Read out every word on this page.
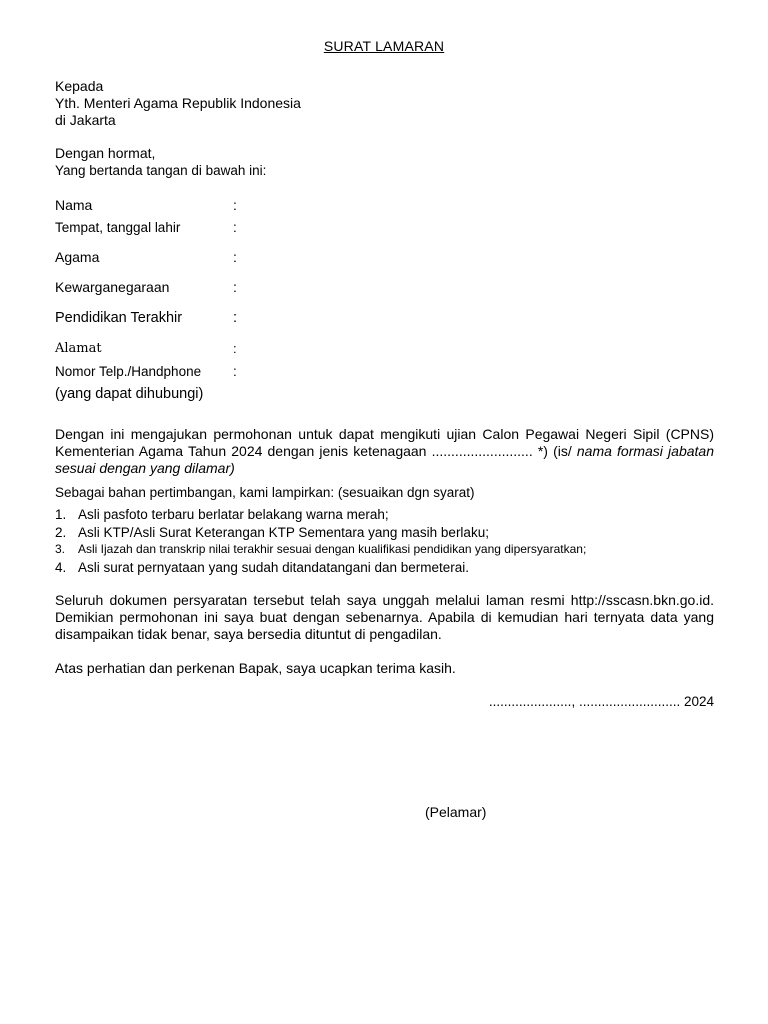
SURAT LAMARAN
Kepada
Yth. Menteri Agama Republik Indonesia
di Jakarta
Dengan hormat,
Yang bertanda tangan di bawah ini:
Nama	:
Tempat, tanggal lahir	:
Agama	:
Kewarganegaraan	:
Pendidikan Terakhir	:
Alamat	:
Nomor Telp./Handphone :
(yang dapat dihubungi)
Dengan ini mengajukan permohonan untuk dapat mengikuti ujian Calon Pegawai Negeri Sipil (CPNS) Kementerian Agama Tahun 2024 dengan jenis ketenagaan .......................... *) (is/ nama formasi jabatan sesuai dengan yang dilamar)
Sebagai bahan pertimbangan, kami lampirkan: (sesuaikan dgn syarat)
1. Asli pasfoto terbaru berlatar belakang warna merah;
2. Asli KTP/Asli Surat Keterangan KTP Sementara yang masih berlaku;
3. Asli Ijazah dan transkrip nilai terakhir sesuai dengan kualifikasi pendidikan yang dipersyaratkan;
4. Asli surat pernyataan yang sudah ditandatangani dan bermeterai.
Seluruh dokumen persyaratan tersebut telah saya unggah melalui laman resmi http://sscasn.bkn.go.id. Demikian permohonan ini saya buat dengan sebenarnya. Apabila di kemudian hari ternyata data yang disampaikan tidak benar, saya bersedia dituntut di pengadilan.
Atas perhatian dan perkenan Bapak, saya ucapkan terima kasih.
......................, ........................... 2024
(Pelamar)
